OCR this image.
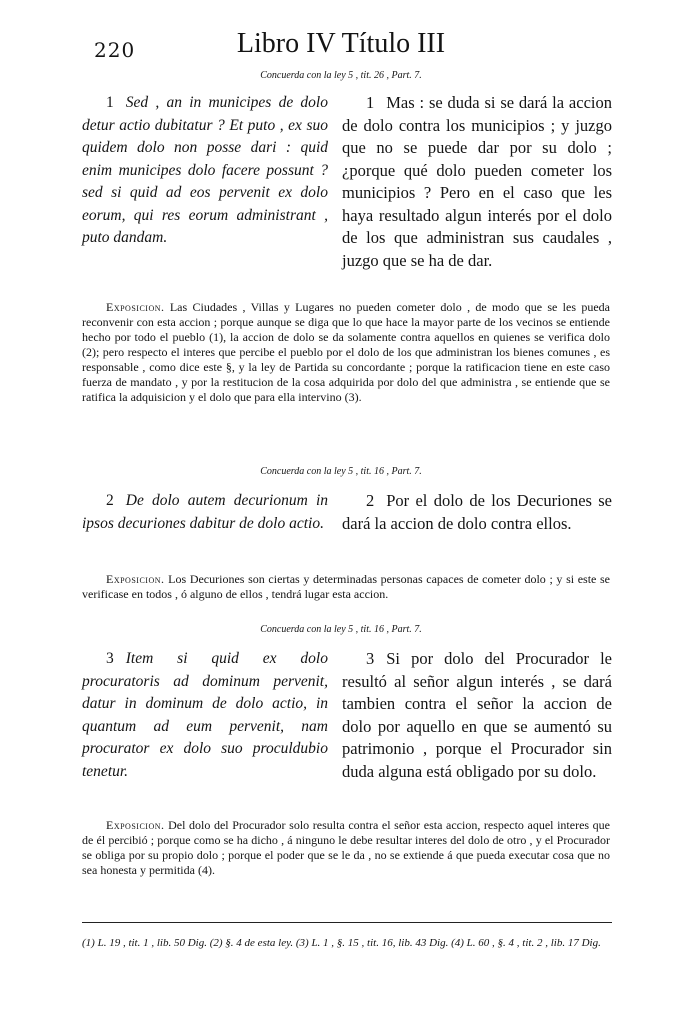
220	Libro IV Título III
Concuerda con la ley 5 , tit. 26 , Part. 7.
1 Sed , an in municipes de dolo detur actio dubitatur ? Et puto , ex suo quidem dolo non posse dari : quid enim municipes dolo facere possunt ? sed si quid ad eos pervenit ex dolo eorum, qui res eorum administrant , puto dandam.
1 Mas : se duda si se dará la accion de dolo contra los municipios ; y juzgo que no se puede dar por su dolo ; ¿porque qué dolo pueden cometer los municipios ? Pero en el caso que les haya resultado algun interés por el dolo de los que administran sus caudales , juzgo que se ha de dar.
Exposicion. Las Ciudades , Villas y Lugares no pueden cometer dolo , de modo que se les pueda reconvenir con esta accion ; porque aunque se diga que lo que hace la mayor parte de los vecinos se entiende hecho por todo el pueblo (1), la accion de dolo se da solamente contra aquellos en quienes se verifica dolo (2); pero respecto el interes que percibe el pueblo por el dolo de los que administran los bienes comunes , es responsable , como dice este §, y la ley de Partida su concordante ; porque la ratificacion tiene en este caso fuerza de mandato , y por la restitucion de la cosa adquirida por dolo del que administra , se entiende que se ratifica la adquisicion y el dolo que para ella intervino (3).
Concuerda con la ley 5 , tit. 16 , Part. 7.
2 De dolo autem decurionum in ipsos decuriones dabitur de dolo actio.
2 Por el dolo de los Decuriones se dará la accion de dolo contra ellos.
Exposicion. Los Decuriones son ciertas y determinadas personas capaces de cometer dolo ; y si este se verificase en todos , ó alguno de ellos , tendrá lugar esta accion.
Concuerda con la ley 5 , tit. 16 , Part. 7.
3 Item si quid ex dolo procuratoris ad dominum pervenit, datur in dominum de dolo actio, in quantum ad eum pervenit, nam procurator ex dolo suo proculdubio tenetur.
3 Si por dolo del Procurador le resultó al señor algun interés , se dará tambien contra el señor la accion de dolo por aquello en que se aumentó su patrimonio , porque el Procurador sin duda alguna está obligado por su dolo.
Exposicion. Del dolo del Procurador solo resulta contra el señor esta accion, respecto aquel interes que de él percibió ; porque como se ha dicho , á ninguno le debe resultar interes del dolo de otro , y el Procurador se obliga por su propio dolo ; porque el poder que se le da , no se extiende á que pueda executar cosa que no sea honesta y permitida (4).
(1) L. 19 , tit. 1 , lib. 50 Dig. (2) §. 4 de esta ley. (3) L. 1 , §. 15 , tit. 16, lib. 43 Dig. (4) L. 60 , §. 4 , tit. 2 , lib. 17 Dig.
